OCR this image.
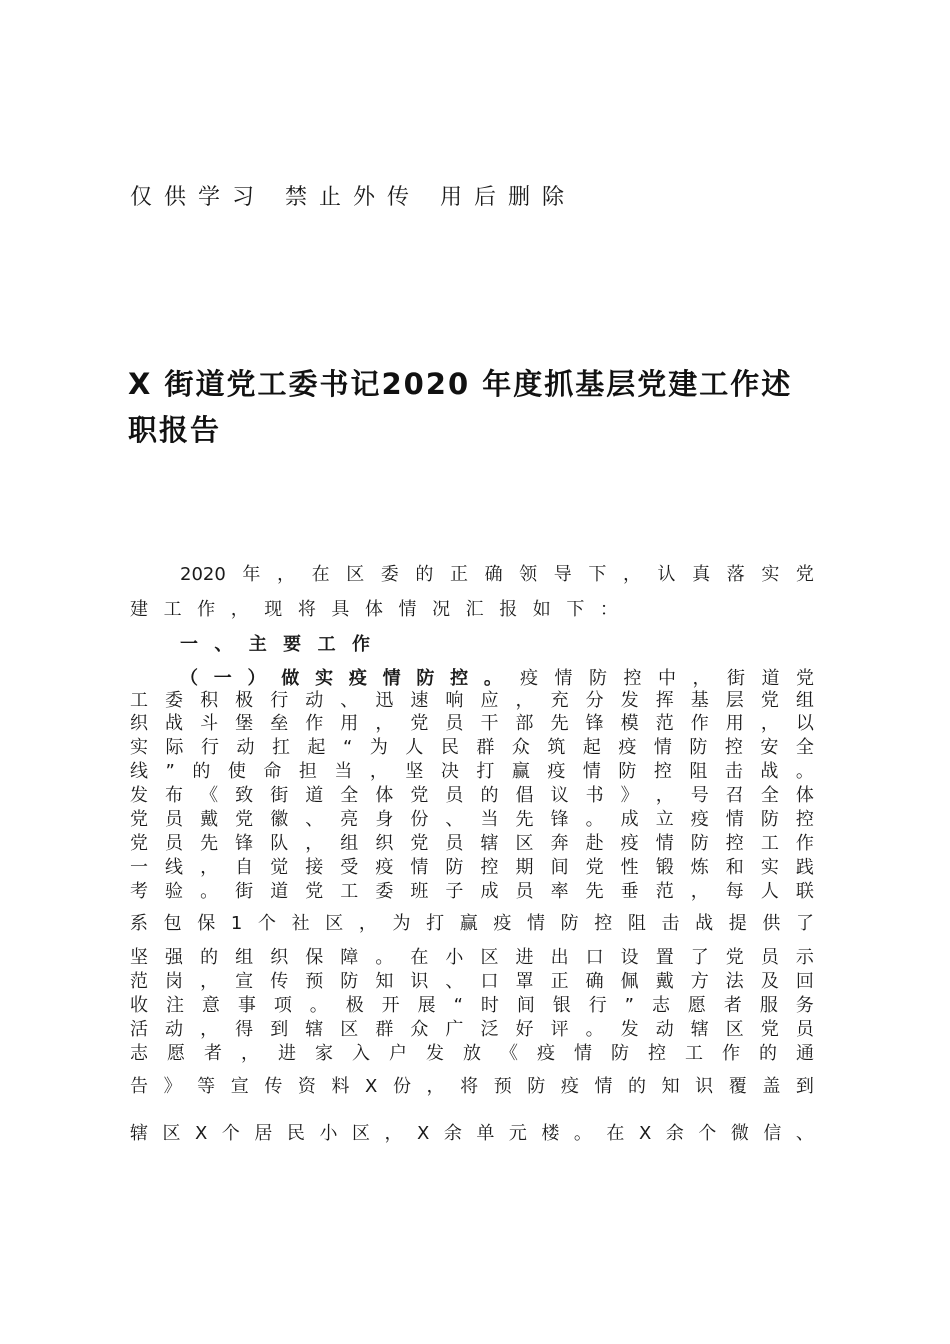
仅供学习 禁止外传 用后删除
X 街道党工委书记2020 年度抓基层党建工作述
职报告
2020 年 ， 在 区 委 的 正 确 领 导 下 ， 认 真 落 实 党
建 工 作 ， 现 将 具 体 情 况 汇 报 如 下 ：
一 、 主 要 工 作
（ 一 ） 做 实 疫 情 防 控 。 疫 情 防 控 中 ， 街 道 党
工 委 积 极 行 动 、 迅 速 响 应 ， 充 分 发 挥 基 层 党 组
织 战 斗 堡 垒 作 用 ， 党 员 干 部 先 锋 模 范 作 用 ， 以
实 际 行 动 扛 起 “ 为 人 民 群 众 筑 起 疫 情 防 控 安 全
线 ” 的 使 命 担 当 ， 坚 决 打 赢 疫 情 防 控 阻 击 战 。
发 布 《 致 街 道 全 体 党 员 的 倡 议 书 》 ， 号 召 全 体
党 员 戴 党 徽 、 亮 身 份 、 当 先 锋 。 成 立 疫 情 防 控
党 员 先 锋 队 ， 组 织 党 员 辖 区 奔 赴 疫 情 防 控 工 作
一 线 ， 自 觉 接 受 疫 情 防 控 期 间 党 性 锻 炼 和 实 践
考 验 。 街 道 党 工 委 班 子 成 员 率 先 垂 范 ， 每 人 联
系 包 保 1 个 社 区 ， 为 打 赢 疫 情 防 控 阻 击 战 提 供 了
坚 强 的 组 织 保 障 。 在 小 区 进 出 口 设 置 了 党 员 示
范 岗 ， 宣 传 预 防 知 识 、 口 罩 正 确 佩 戴 方 法 及 回
收 注 意 事 项 。 极 开 展 “ 时 间 银 行 ” 志 愿 者 服 务
活 动 ， 得 到 辖 区 群 众 广 泛 好 评 。 发 动 辖 区 党 员
志 愿 者 ， 进 家 入 户 发 放 《 疫 情 防 控 工 作 的 通
告 》 等 宣 传 资 料 X 份 ， 将 预 防 疫 情 的 知 识 覆 盖 到
辖 区 X 个 居 民 小 区 ， X 余 单 元 楼 。 在 X 余 个 微 信 、
